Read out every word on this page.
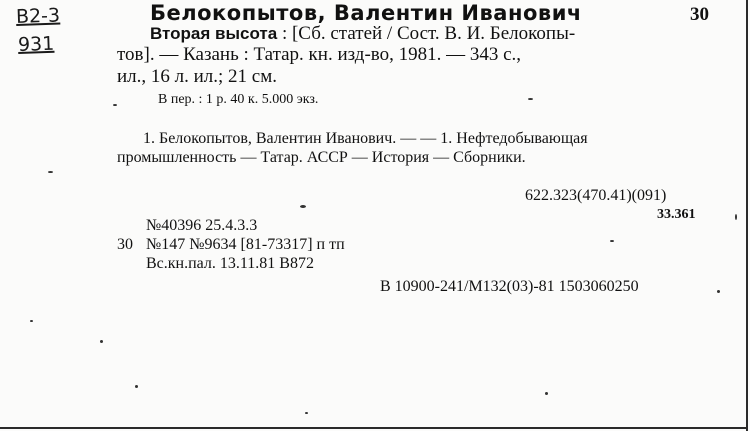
B2-3
931
Белокопытов, Валентин Иванович	30
Вторая высота : [Сб. статей / Сост. В. И. Белокопы-
тов]. — Казань : Татар. кн. изд-во, 1981. — 343 с.,
ил., 16 л. ил.; 21 см.
В пер. : 1 р. 40 к. 5.000 экз.
1. Белокопытов, Валентин Иванович. — — 1. Нефтедобывающая
промышленность — Татар. АССР — История — Сборники.
622.323(470.41)(091)
33.361
№40396 25.4.3.3
30 №147 №9634 [81-73317] п тп
Вс.кн.пал. 13.11.81 В872
В 10900-241/М132(03)-81 1503060250
